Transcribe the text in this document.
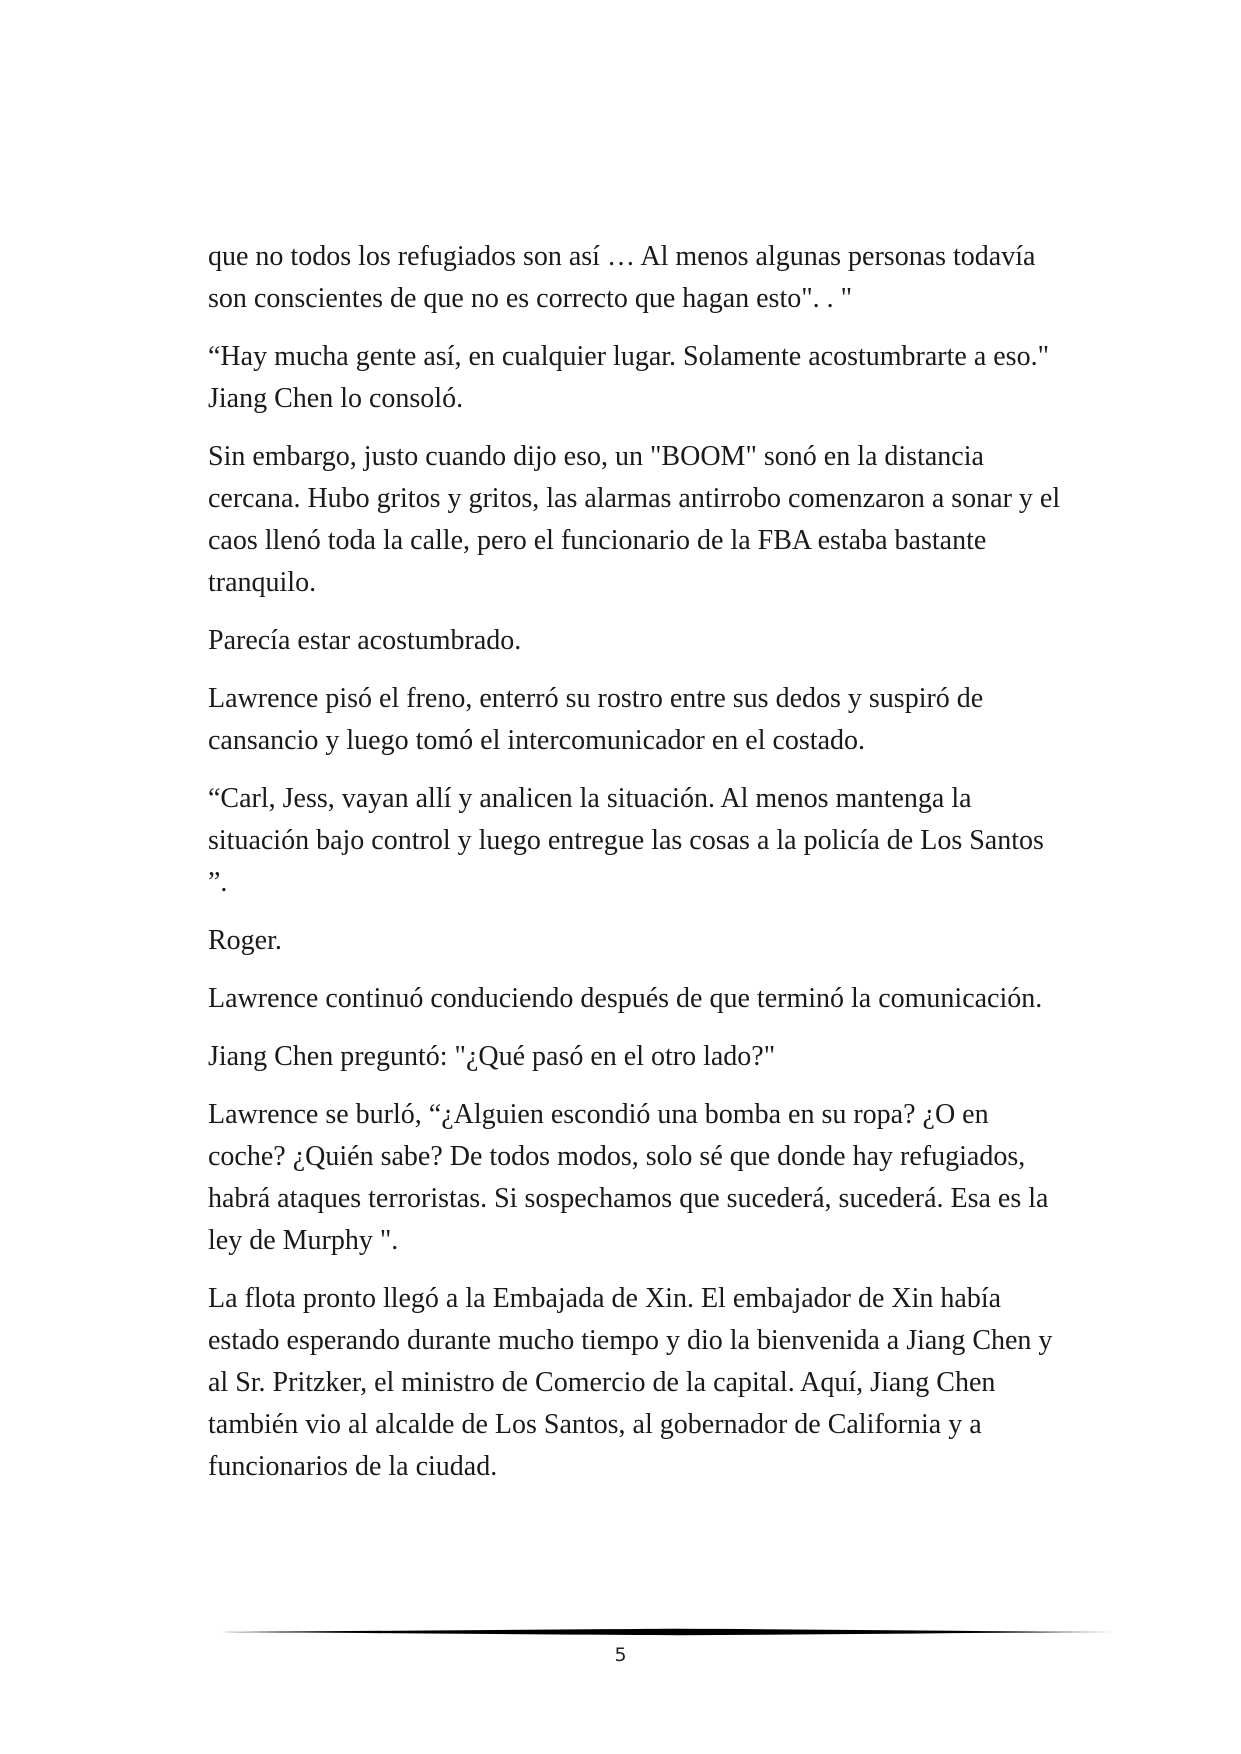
que no todos los refugiados son así … Al menos algunas personas todavía son conscientes de que no es correcto que hagan esto". . "

“Hay mucha gente así, en cualquier lugar. Solamente acostumbrarte a eso." Jiang Chen lo consoló.

Sin embargo, justo cuando dijo eso, un "BOOM" sonó en la distancia cercana. Hubo gritos y gritos, las alarmas antirrobo comenzaron a sonar y el caos llenó toda la calle, pero el funcionario de la FBA estaba bastante tranquilo.

Parecía estar acostumbrado.

Lawrence pisó el freno, enterró su rostro entre sus dedos y suspiró de cansancio y luego tomó el intercomunicador en el costado.

“Carl, Jess, vayan allí y analicen la situación. Al menos mantenga la situación bajo control y luego entregue las cosas a la policía de Los Santos ”.

Roger.

Lawrence continuó conduciendo después de que terminó la comunicación.

Jiang Chen preguntó: "¿Qué pasó en el otro lado?"

Lawrence se burló, “¿Alguien escondió una bomba en su ropa? ¿O en coche? ¿Quién sabe? De todos modos, solo sé que donde hay refugiados, habrá ataques terroristas. Si sospechamos que sucederá, sucederá. Esa es la ley de Murphy ".

La flota pronto llegó a la Embajada de Xin. El embajador de Xin había estado esperando durante mucho tiempo y dio la bienvenida a Jiang Chen y al Sr. Pritzker, el ministro de Comercio de la capital. Aquí, Jiang Chen también vio al alcalde de Los Santos, al gobernador de California y a funcionarios de la ciudad.

5
